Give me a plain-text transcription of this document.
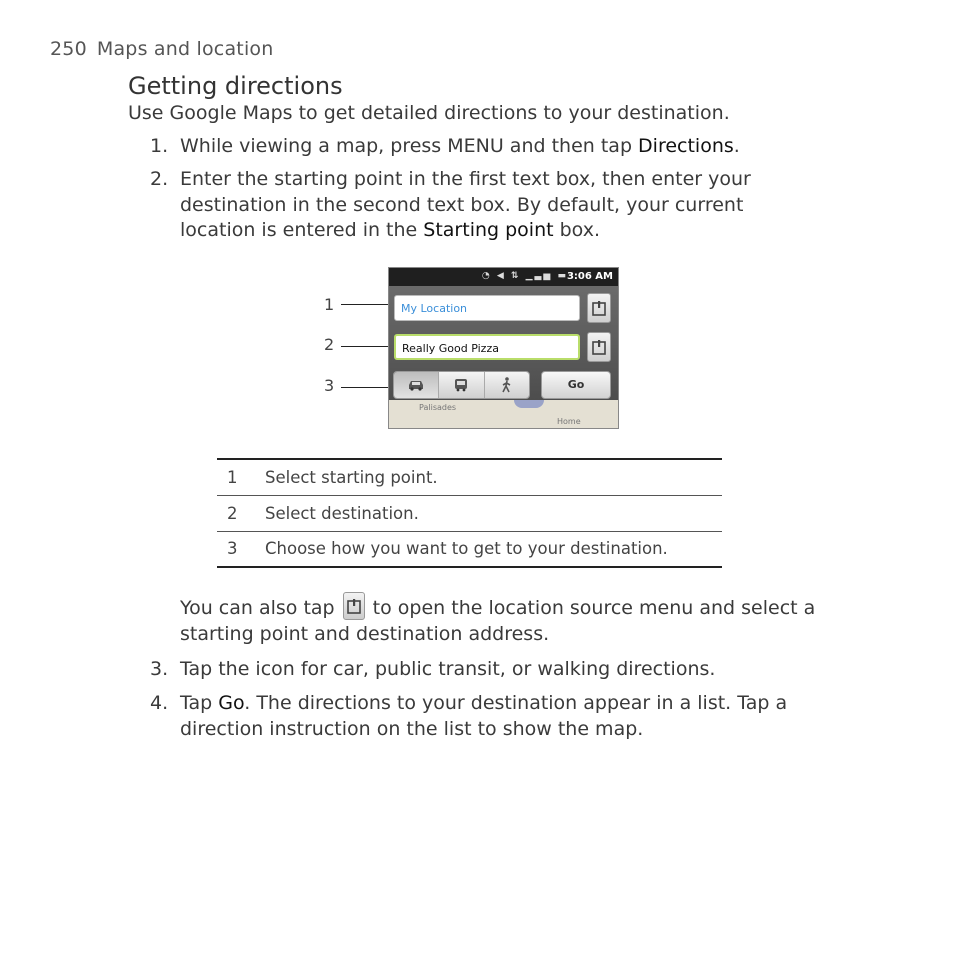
250 Maps and location
Getting directions
Use Google Maps to get detailed directions to your destination.
1. While viewing a map, press MENU and then tap Directions.
2. Enter the starting point in the first text box, then enter your destination in the second text box. By default, your current location is entered in the Starting point box.
1
2
3
◔ ◀ ⇅ ▁▃▅ ▬
3:06 AM
My Location
Really Good Pizza
Go
Palisades
Home
1	Select starting point.
2	Select destination.
3	Choose how you want to get to your destination.
You can also tap
to open the location source menu and select a starting point and destination address.
3. Tap the icon for car, public transit, or walking directions.
4. Tap Go. The directions to your destination appear in a list. Tap a direction instruction on the list to show the map.
